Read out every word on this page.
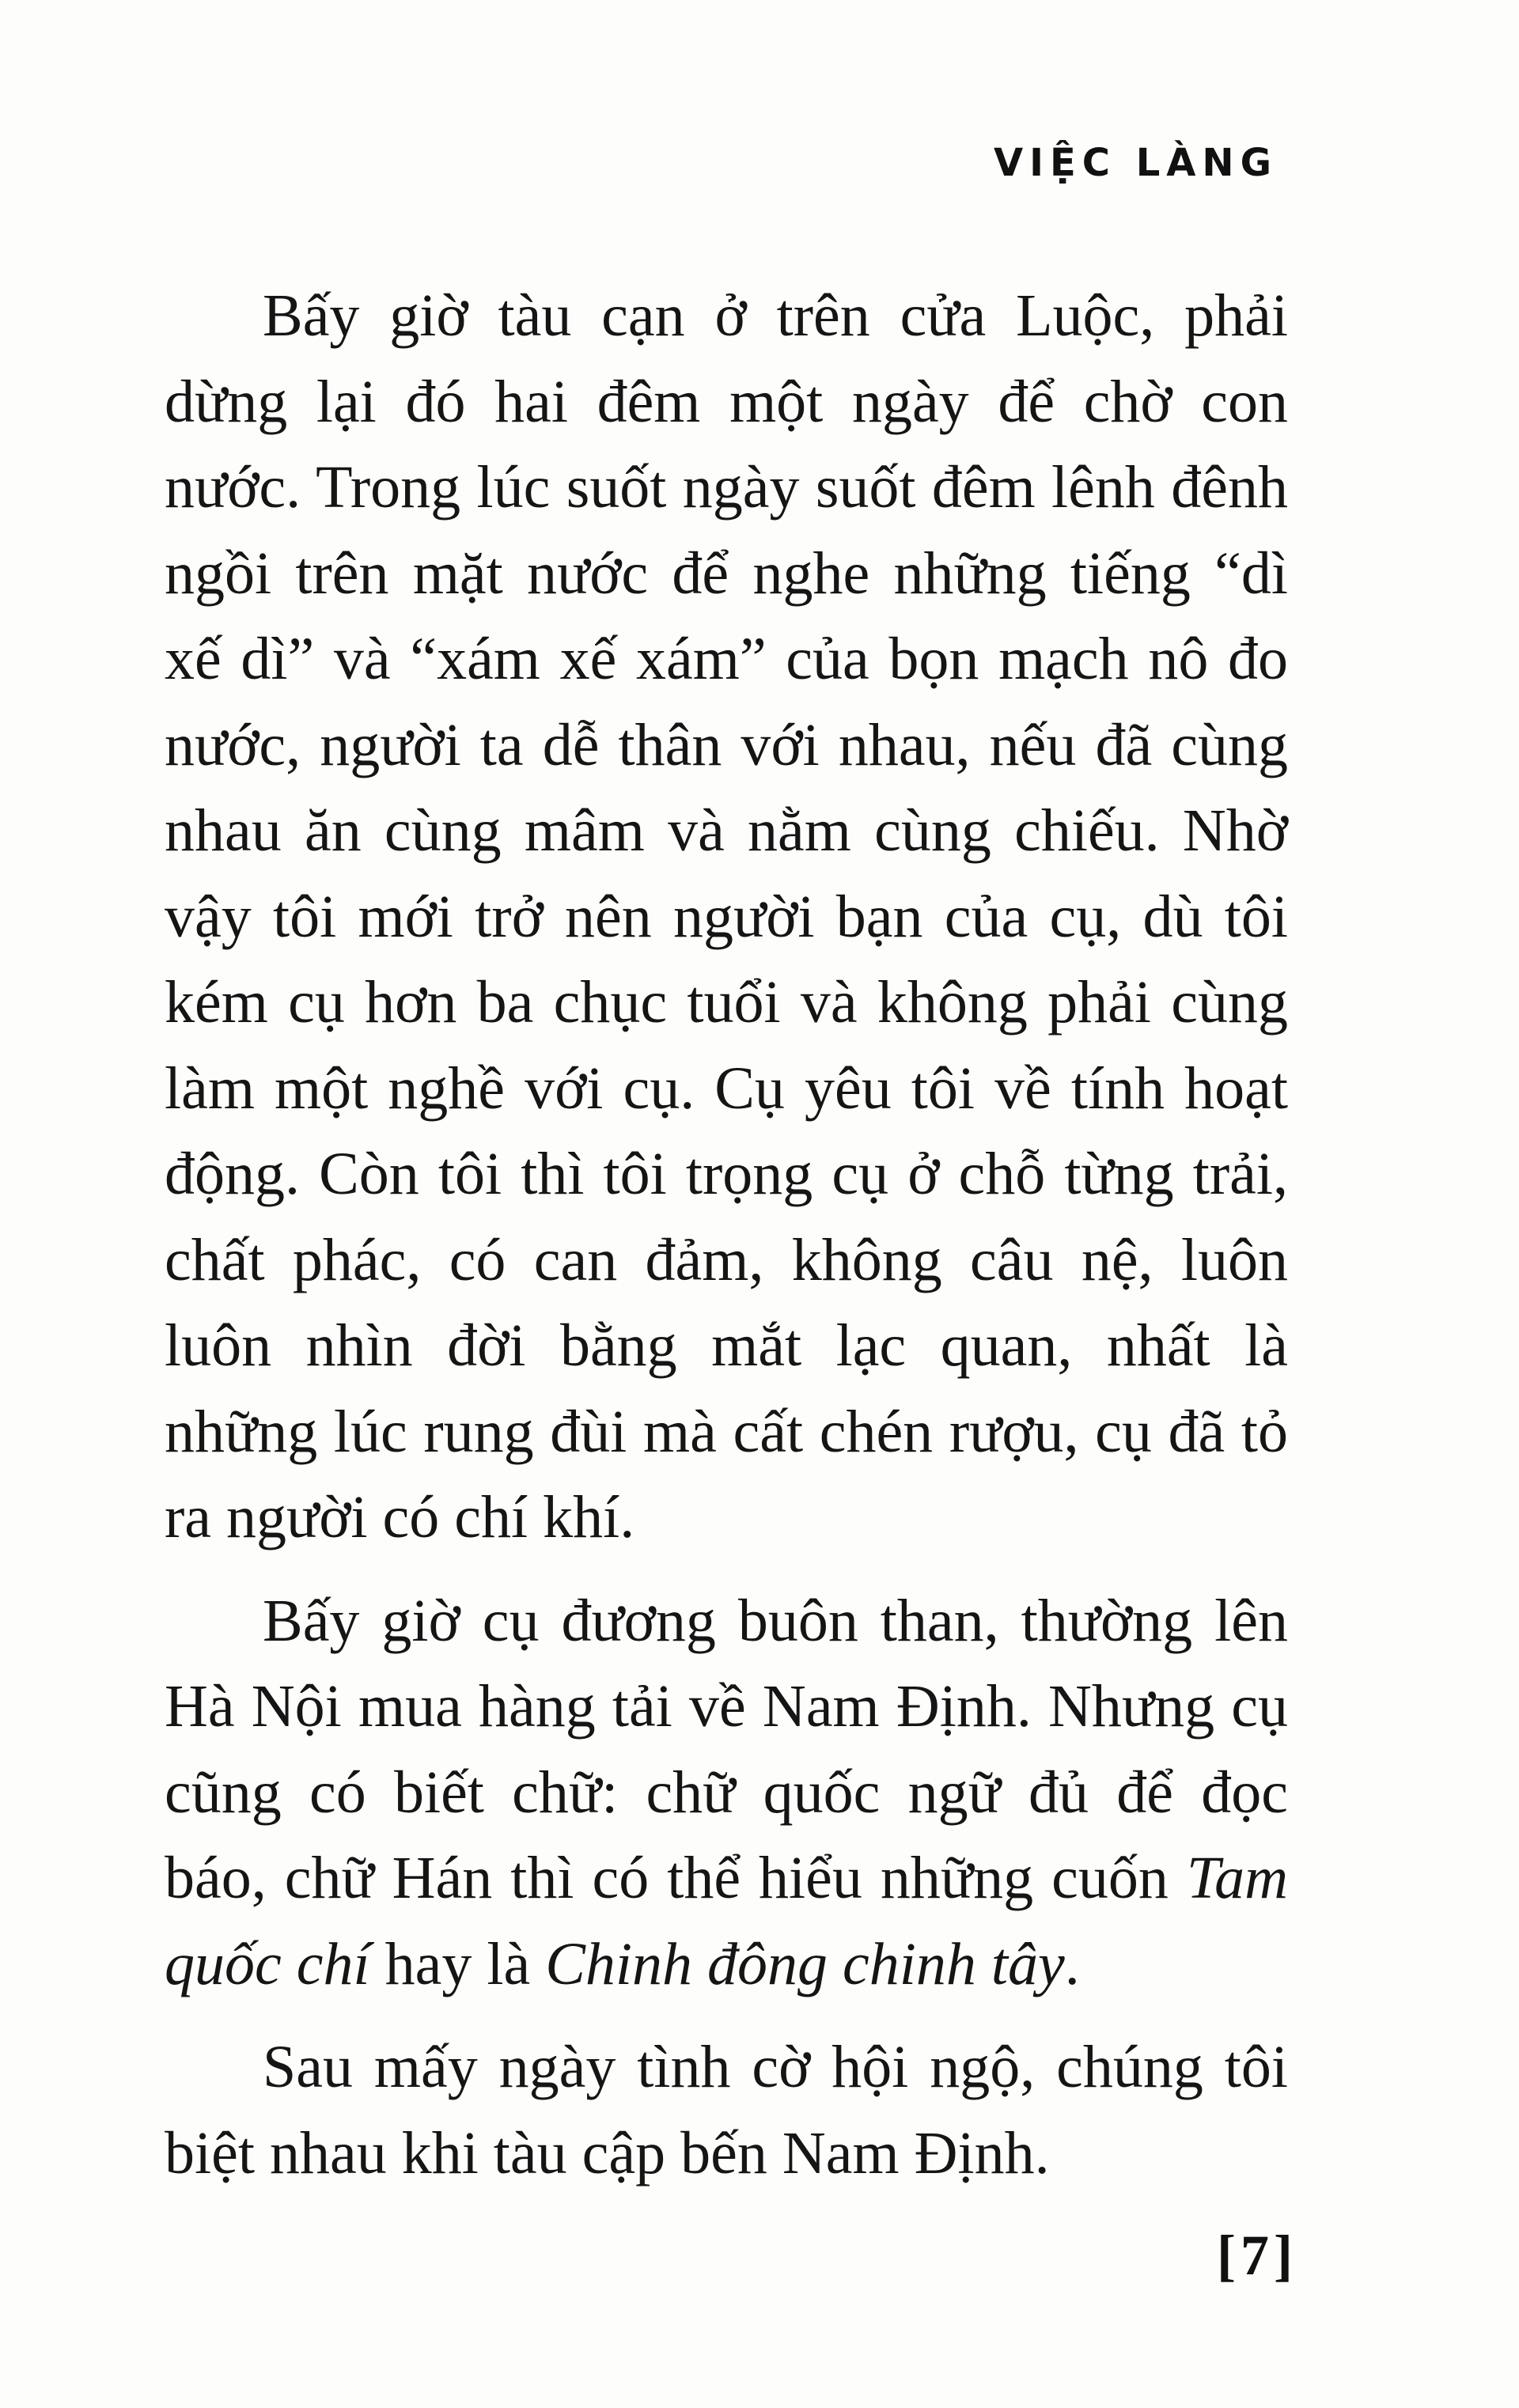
VIỆC LÀNG

Bấy giờ tàu cạn ở trên cửa Luộc, phải dừng lại đó hai đêm một ngày để chờ con nước. Trong lúc suốt ngày suốt đêm lênh đênh ngồi trên mặt nước để nghe những tiếng “dì xế dì” và “xám xế xám” của bọn mạch nô đo nước, người ta dễ thân với nhau, nếu đã cùng nhau ăn cùng mâm và nằm cùng chiếu. Nhờ vậy tôi mới trở nên người bạn của cụ, dù tôi kém cụ hơn ba chục tuổi và không phải cùng làm một nghề với cụ. Cụ yêu tôi về tính hoạt động. Còn tôi thì tôi trọng cụ ở chỗ từng trải, chất phác, có can đảm, không câu nệ, luôn luôn nhìn đời bằng mắt lạc quan, nhất là những lúc rung đùi mà cất chén rượu, cụ đã tỏ ra người có chí khí.

Bấy giờ cụ đương buôn than, thường lên Hà Nội mua hàng tải về Nam Định. Nhưng cụ cũng có biết chữ: chữ quốc ngữ đủ để đọc báo, chữ Hán thì có thể hiểu những cuốn Tam quốc chí hay là Chinh đông chinh tây.

Sau mấy ngày tình cờ hội ngộ, chúng tôi biệt nhau khi tàu cập bến Nam Định.

[7]
